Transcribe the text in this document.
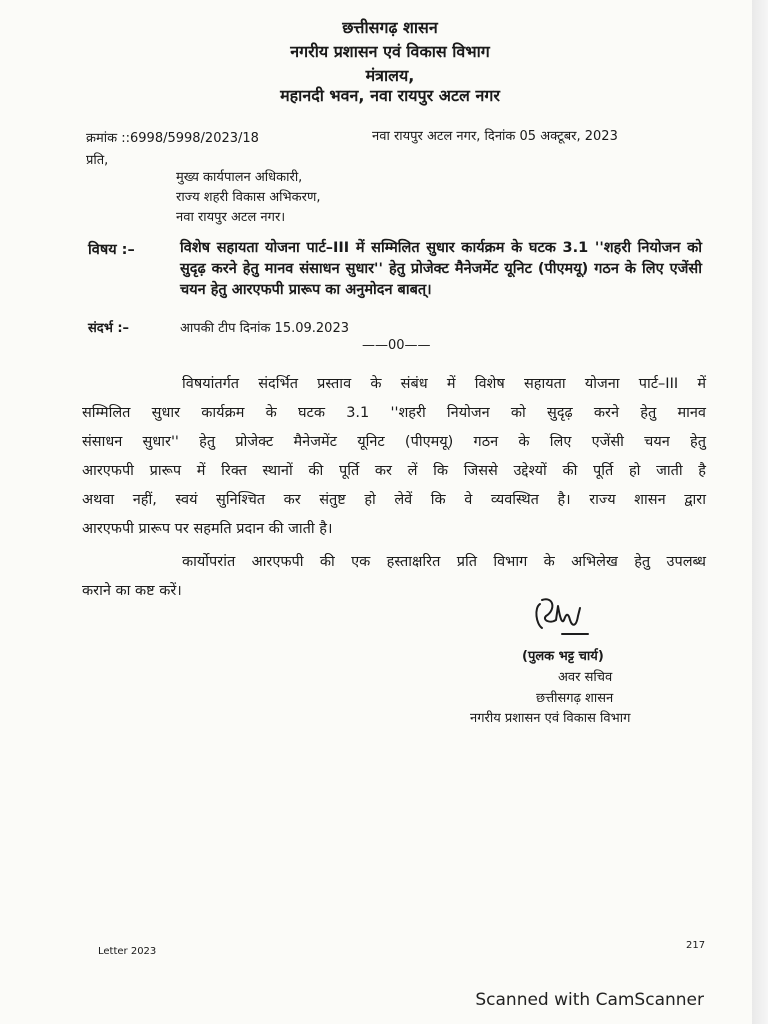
छत्तीसगढ़ शासन
नगरीय प्रशासन एवं विकास विभाग
मंत्रालय,
महानदी भवन, नवा रायपुर अटल नगर
क्रमांक ::6998/5998/2023/18	नवा रायपुर अटल नगर, दिनांक 05 अक्टूबर, 2023
प्रति,
मुख्य कार्यपालन अधिकारी,
राज्य शहरी विकास अभिकरण,
नवा रायपुर अटल नगर।
विषय :–	विशेष सहायता योजना पार्ट–III में सम्मिलित सुधार कार्यक्रम के घटक 3.1 ''शहरी नियोजन को सुदृढ़ करने हेतु मानव संसाधन सुधार'' हेतु प्रोजेक्ट मैनेजमेंट यूनिट (पीएमयू) गठन के लिए एजेंसी चयन हेतु आरएफपी प्रारूप का अनुमोदन बाबत्।
संदर्भ :–	आपकी टीप दिनांक 15.09.2023
——00——
विषयांतर्गत संदर्भित प्रस्ताव के संबंध में विशेष सहायता योजना पार्ट–III में
सम्मिलित सुधार कार्यक्रम के घटक 3.1 ''शहरी नियोजन को सुदृढ़ करने हेतु मानव
संसाधन सुधार'' हेतु प्रोजेक्ट मैनेजमेंट यूनिट (पीएमयू) गठन के लिए एजेंसी चयन हेतु
आरएफपी प्रारूप में रिक्त स्थानों की पूर्ति कर लें कि जिससे उद्देश्यों की पूर्ति हो जाती है
अथवा नहीं, स्वयं सुनिश्चित कर संतुष्ट हो लेवें कि वे व्यवस्थित है। राज्य शासन द्वारा
आरएफपी प्रारूप पर सहमति प्रदान की जाती है।
कार्योपरांत आरएफपी की एक हस्ताक्षरित प्रति विभाग के अभिलेख हेतु उपलब्ध
कराने का कष्ट करें।
(पुलक भट्ट चार्य)
अवर सचिव
छत्तीसगढ़ शासन
नगरीय प्रशासन एवं विकास विभाग
Letter 2023
217
Scanned with CamScanner
